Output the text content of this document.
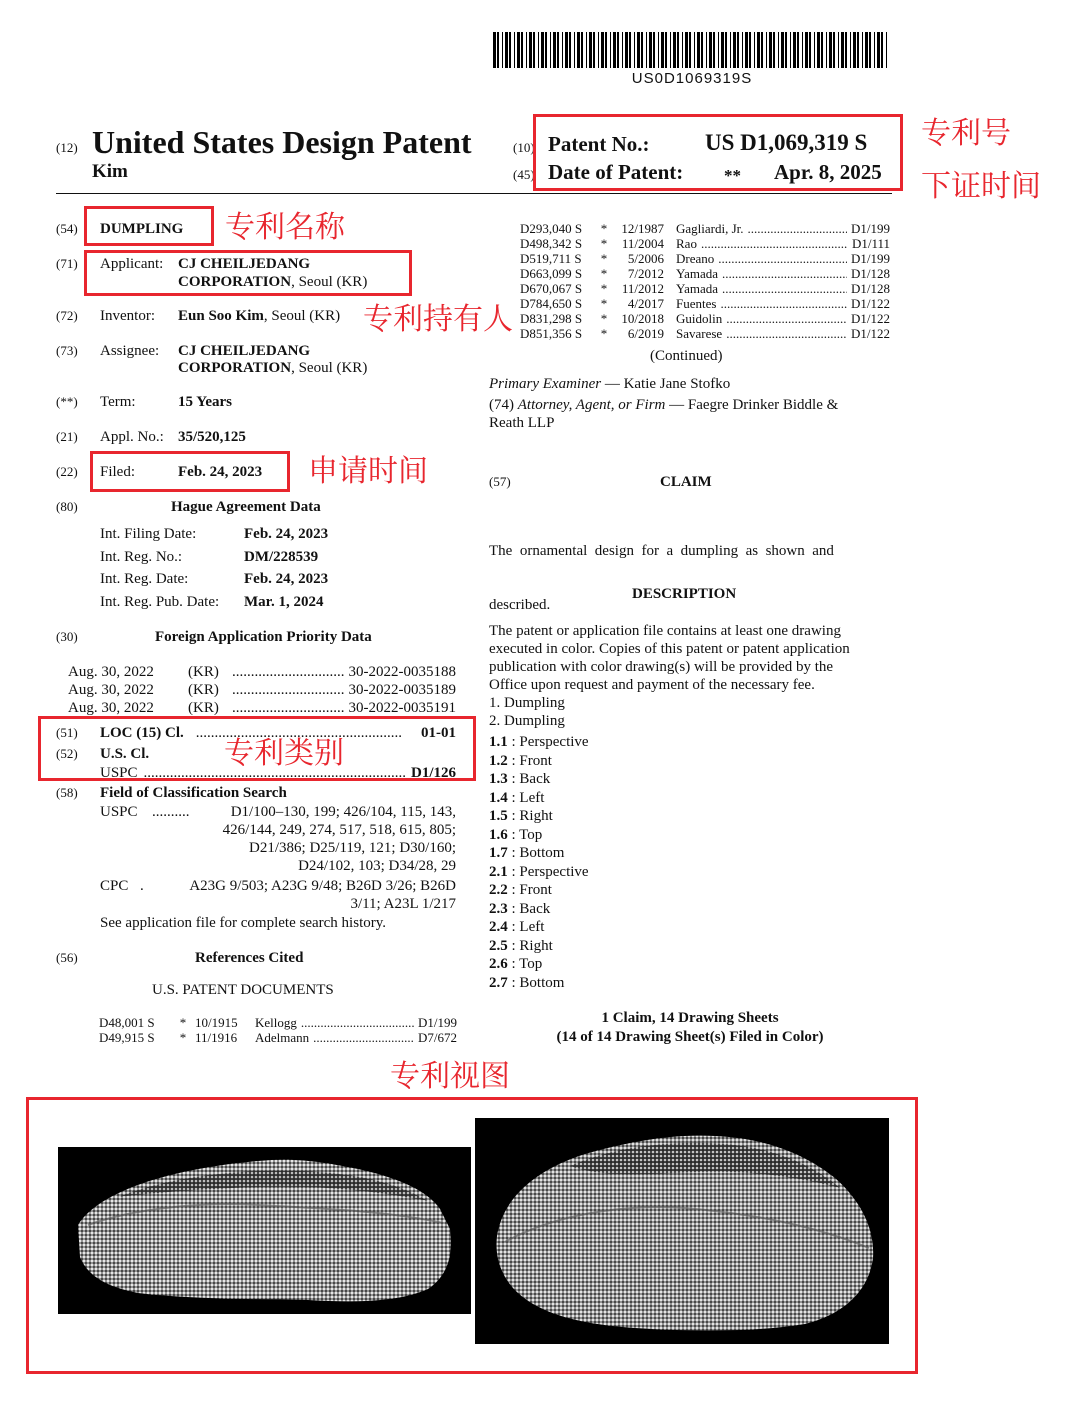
US0D1069319S
(12) United States Design Patent
Kim
(10) Patent No.: US D1,069,319 S
(45) Date of Patent: ** Apr. 8, 2025
(54) DUMPLING
(71) Applicant: CJ CHEILJEDANG
CORPORATION, Seoul (KR)
(72) Inventor: Eun Soo Kim, Seoul (KR)
(73) Assignee: CJ CHEILJEDANG
CORPORATION, Seoul (KR)
(**) Term:	15 Years
(21) Appl. No.: 35/520,125
(22) Filed:	Feb. 24, 2023
(80)	Hague Agreement Data
Int. Filing Date:	Feb. 24, 2023
Int. Reg. No.:	DM/228539
Int. Reg. Date:	Feb. 24, 2023
Int. Reg. Pub. Date:	Mar. 1, 2024
(30)	Foreign Application Priority Data
Aug. 30, 2022	(KR) .....	30-2022-0035188
Aug. 30, 2022	(KR) .....	30-2022-0035189
Aug. 30, 2022	(KR) .....	30-2022-0035191
(51) LOC (15) Cl. .....	01-01
(52) U.S. Cl.
USPC .....	D1/126
(58) Field of Classification Search
USPC ..........	D1/100–130, 199; 426/104, 115, 143,
426/144, 249, 274, 517, 518, 615, 805;
D21/386; D25/119, 121; D30/160;
D24/102, 103; D34/28, 29
CPC .	A23G 9/503; A23G 9/48; B26D 3/26; B26D
3/11; A23L 1/217
See application file for complete search history.
(56)	References Cited
U.S. PATENT DOCUMENTS
D48,001 S	* 10/1915	Kellogg .....	D1/199
D49,915 S	* 11/1916	Adelmann .....	D7/672
D293,040 S	*	12/1987 Gagliardi, Jr. .....	D1/199
D498,342 S	*	11/2004 Rao .....	D1/111
D519,711 S	*	5/2006 Dreano .....	D1/199
D663,099 S	*	7/2012 Yamada .....	D1/128
D670,067 S	*	11/2012 Yamada .....	D1/128
D784,650 S	*	4/2017 Fuentes .....	D1/122
D831,298 S	*	10/2018 Guidolin .....	D1/122
D851,356 S	*	6/2019 Savarese .....	D1/122
(Continued)
Primary Examiner — Katie Jane Stofko
(74) Attorney, Agent, or Firm — Faegre Drinker Biddle &
Reath LLP
(57)	CLAIM

The  ornamental  design  for  a  dumpling  as  shown  and

described.

DESCRIPTION
The patent or application file contains at least one drawing
executed in color. Copies of this patent or patent application
publication with color drawing(s) will be provided by the
Office upon request and payment of the necessary fee.
1. Dumpling
2. Dumpling
1.1 : Perspective
1.2 : Front
1.3 : Back
1.4 : Left
1.5 : Right
1.6 : Top
1.7 : Bottom
2.1 : Perspective
2.2 : Front
2.3 : Back
2.4 : Left
2.5 : Right
2.6 : Top
2.7 : Bottom
1 Claim, 14 Drawing Sheets
(14 of 14 Drawing Sheet(s) Filed in Color)
专利号
下证时间
专利名称
专利持有人
申请时间
专利类别
专利视图
